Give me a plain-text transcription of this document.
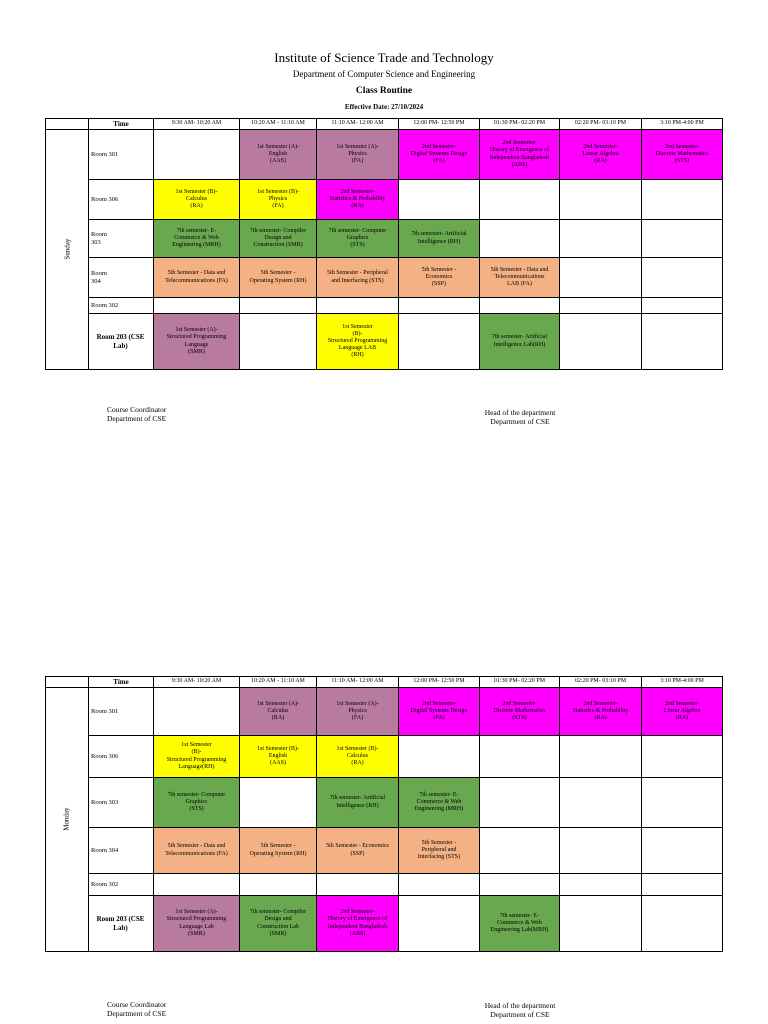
Institute of Science Trade and Technology
Department of Computer Science and Engineering
Class Routine
Effective Date: 27/10/2024
	Time	9:30 AM- 10:20 AM	10:20 AM - 11:10 AM	11:10 AM- 12:00 AM	12:00 PM- 12:50 PM	01:30 PM- 02:20 PM	02:20 PM- 03:10 PM	3:10 PM-4:00 PM
Sunday	Room 301		1st Semester (A)-
English
(AAS)	1st Semester (A)-
Physics
(FA)	2nd Semester-
Digital Systems Design
(FA)	2nd Semester-
History of Emergence of
Independent Bangladesh
(ABS)	2nd Semester-
Linear Algebra
(RA)	2nd Semester-
Discrete Mathematics
(STS)
	Room 306	1st Semester (B)-
Calculus
(RA)	1st Semester (B)-
Physics
(FA)	2nd Semester-
Statistics & Probability
(RA)				
	Room
303	7th semester- E-
Commerce & Web
Engineering (MRH)	7th semester- Compiler
Design and
Construction (SMR)	7th semester- Computer
Graphics
(STS)	7th semester- Artificial
Intelligence (RH)			
	Room
304	5th Semester - Data and
Telecommunications (FA)	5th Semester -
Operating System (RH)	5th Semester - Peripheral
and Interfacing (STS)	5th Semester -
Economics
(SSP)	5th Semester - Data and
Telecommunications
LAB (FA)		
	Room 302							
	Room 203 (CSE
Lab)	1st Semester (A)-
Structured Programming
Language
(SMR)		1st Semester
(B)-
Structured Programming
Language LAB
(RH)		7th semester- Artificial
Intelligence Lab(RH)		
Course Coordinator
Department of CSE
Head of the department
Department of CSE
	Time	9:30 AM- 10:20 AM	10:20 AM - 11:10 AM	11:10 AM- 12:00 AM	12:00 PM- 12:50 PM	01:30 PM- 02:20 PM	02:20 PM- 03:10 PM	3:10 PM-4:00 PM
Monday	Room 301		1st Semester (A)-
Calculus
(RA)	1st Semester (A)-
Physics
(FA)	2nd Semester-
Digital Systems Design
(FA)	2nd Semester-
Discrete Mathematics
(STS)	2nd Semester-
Statistics & Probability
(RA)	2nd Semester-
Linear Algebra
(RA)
	Room 306	1st Semester
(B)-
Structured Programming
Language(RH)	1st Semester (B)-
English
(AAS)	1st Semester (B)-
Calculus
(RA)				
	Room 303	7th semester- Computer
Graphics
(STS)		7th semester- Artificial
Intelligence (RH)	7th semester- E-
Commerce & Web
Engineering (MRH)			
	Room 304	5th Semester - Data and
Telecommunications (FA)	5th Semester -
Operating System (RH)	5th Semester - Economics
(SSP)	5th Semester -
Peripheral and
Interfacing (STS)			
	Room 302							
	Room 203 (CSE
Lab)	1st Semester (A)-
Structured Programming
Language Lab
(SMR)	7th semester- Compiler
Design and
Construction Lab
(SMR)	2nd Semester-
History of Emergence of
Independent Bangladesh
(ABS)		7th semester- E-
Commerce & Web
Engineering Lab(MRH)		
Course Coordinator
Department of CSE
Head of the department
Department of CSE
